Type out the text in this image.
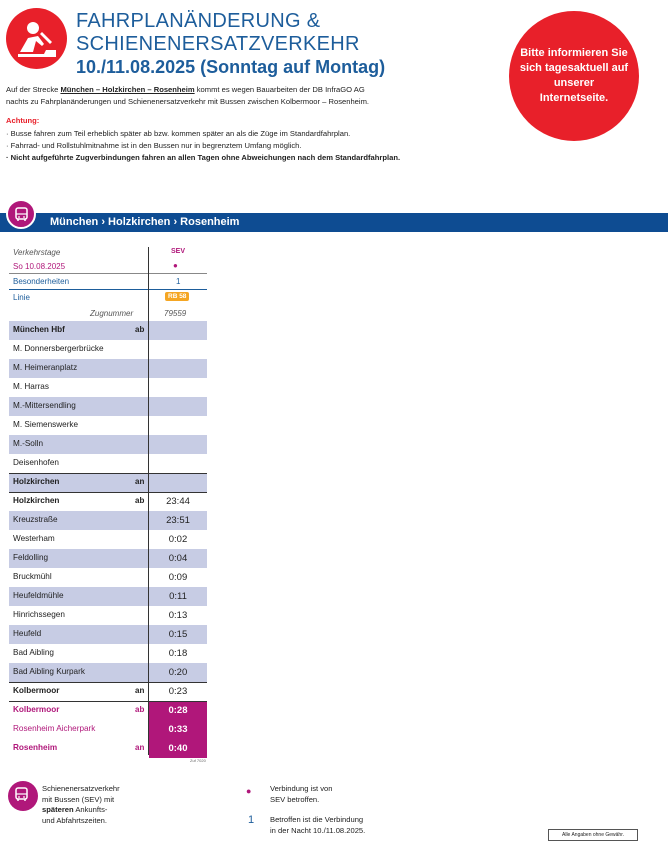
FAHRPLANÄNDERUNG &
SCHIENENERSATZVERKEHR
10./11.08.2025 (Sonntag auf Montag)
Bitte informieren Sie sich tagesaktuell auf unserer Internetseite.
Auf der Strecke München – Holzkirchen – Rosenheim kommt es wegen Bauarbeiten der DB InfraGO AG
nachts zu Fahrplanänderungen und Schienenersatzverkehr mit Bussen zwischen Kolbermoor – Rosenheim.
Achtung:
· Busse fahren zum Teil erheblich später ab bzw. kommen später an als die Züge im Standardfahrplan.
· Fahrrad- und Rollstuhlmitnahme ist in den Bussen nur in begrenztem Umfang möglich.
· Nicht aufgeführte Zugverbindungen fahren an allen Tagen ohne Abweichungen nach dem Standardfahrplan.
München › Holzkirchen › Rosenheim
Verkehrstage	SEV
So 10.08.2025	●
Besonderheiten	1
Linie	RB 58
Zugnummer	79559
München Hbf	ab
M. Donnersbergerbrücke
M. Heimeranplatz
M. Harras
M.-Mittersendling
M. Siemenswerke
M.-Solln
Deisenhofen
Holzkirchen	an
Holzkirchen	ab	23:44
Kreuzstraße	23:51
Westerham	0:02
Feldolling	0:04
Bruckmühl	0:09
Heufeldmühle	0:11
Hinrichssegen	0:13
Heufeld	0:15
Bad Aibling	0:18
Bad Aibling Kurpark	0:20
Kolbermoor	an	0:23
Kolbermoor	ab	0:28
Rosenheim Aicherpark	0:33
Rosenheim	an	0:40
Zuf 7020
Schienenersatzverkehr
mit Bussen (SEV) mit
späteren Ankunfts-
und Abfahrtszeiten.
● Verbindung ist von
SEV betroffen.
1 Betroffen ist die Verbindung
in der Nacht 10./11.08.2025.
Alle Angaben ohne Gewähr.
